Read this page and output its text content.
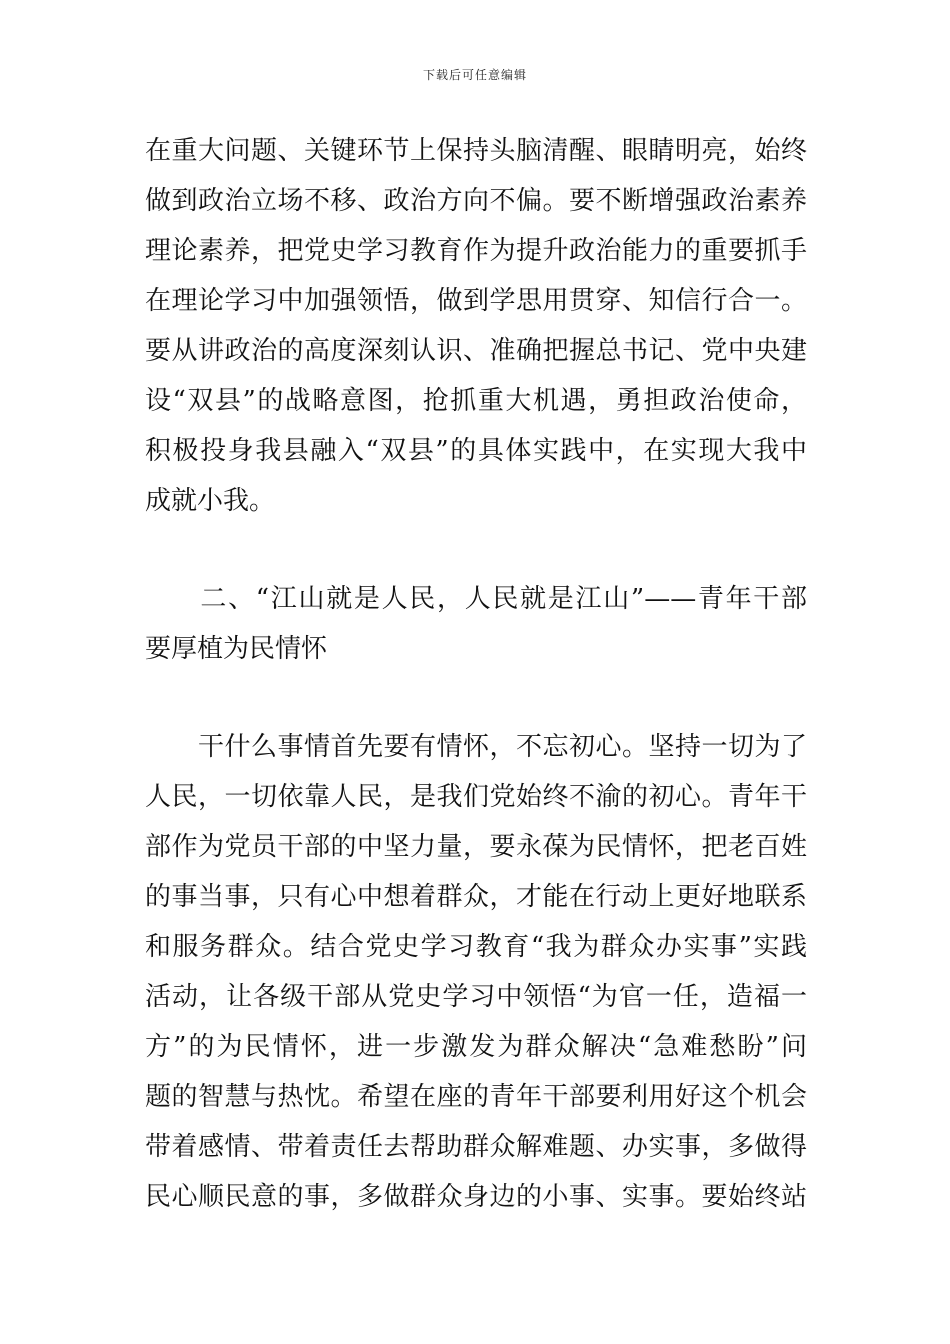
下载后可任意编辑
在重大问题、关键环节上保持头脑清醒、眼睛明亮，始终
做到政治立场不移、政治方向不偏。要不断增强政治素养
理论素养，把党史学习教育作为提升政治能力的重要抓手
在理论学习中加强领悟，做到学思用贯穿、知信行合一。
要从讲政治的高度深刻认识、准确把握总书记、党中央建
设“双县”的战略意图，抢抓重大机遇，勇担政治使命，
积极投身我县融入“双县”的具体实践中，在实现大我中
成就小我。
　　二、“江山就是人民，人民就是江山”——青年干部
要厚植为民情怀
　　干什么事情首先要有情怀，不忘初心。坚持一切为了
人民，一切依靠人民，是我们党始终不渝的初心。青年干
部作为党员干部的中坚力量，要永葆为民情怀，把老百姓
的事当事，只有心中想着群众，才能在行动上更好地联系
和服务群众。结合党史学习教育“我为群众办实事”实践
活动，让各级干部从党史学习中领悟“为官一任，造福一
方”的为民情怀，进一步激发为群众解决“急难愁盼”问
题的智慧与热忱。希望在座的青年干部要利用好这个机会
带着感情、带着责任去帮助群众解难题、办实事，多做得
民心顺民意的事，多做群众身边的小事、实事。要始终站
